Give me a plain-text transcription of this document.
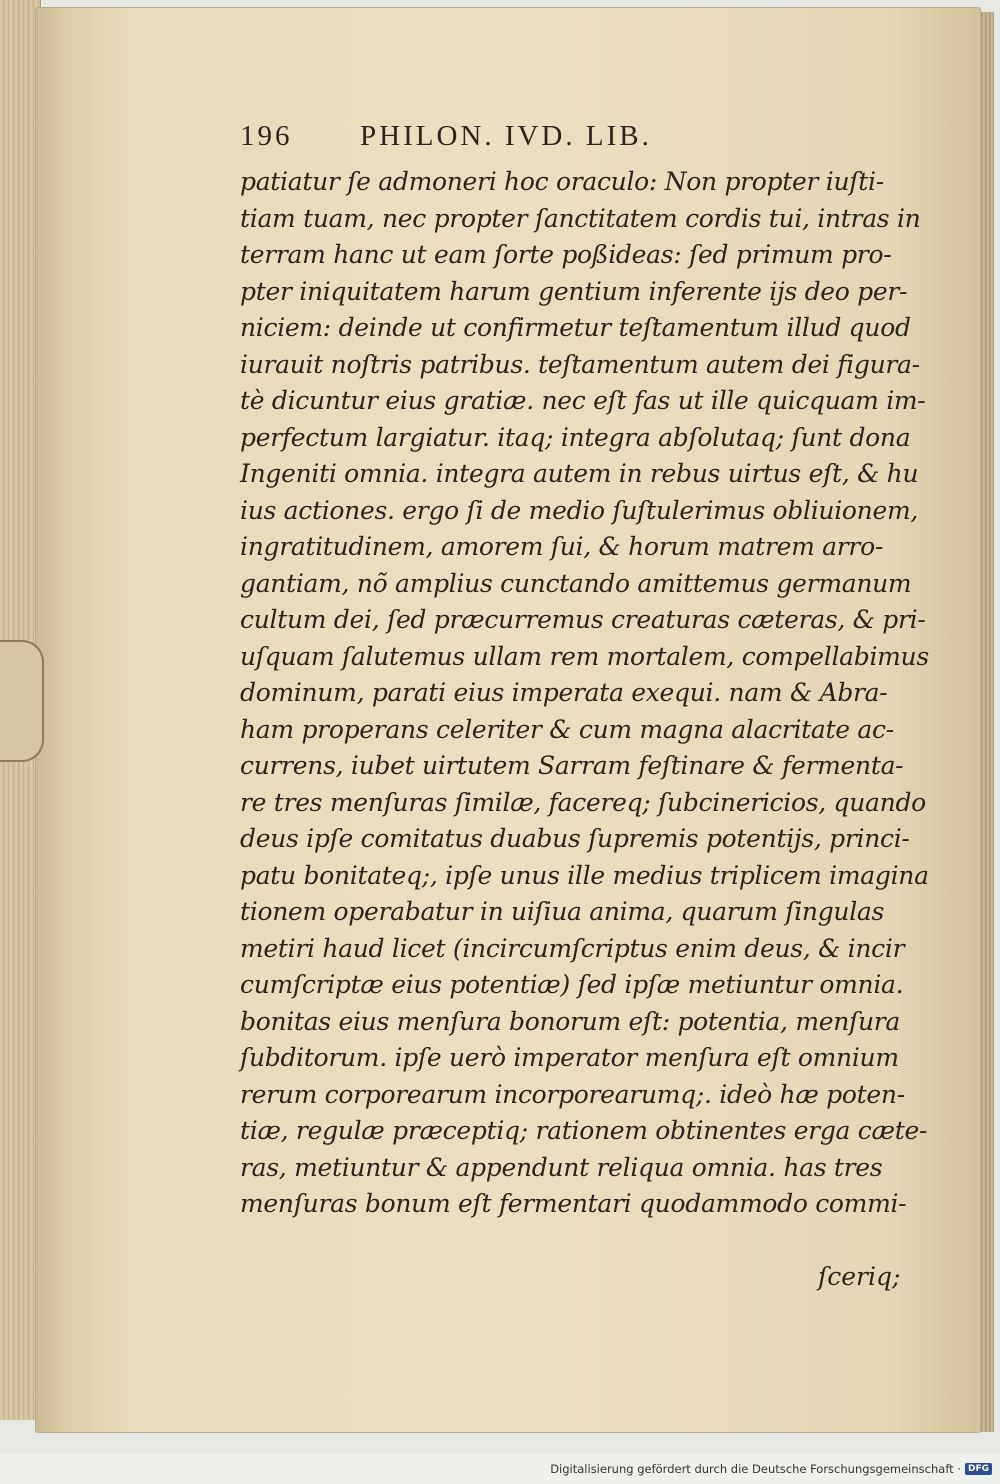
196	PHILON. IVD. LIB.
patiatur ſe admoneri hoc oraculo: Non propter iuſti-
tiam tuam, nec propter ſanctitatem cordis tui, intras in
terram hanc ut eam ſorte poßideas: ſed primum pro-
pter iniquitatem harum gentium inferente ijs deo per-
niciem: deinde ut confirmetur teſtamentum illud quod
iurauit noſtris patribus. teſtamentum autem dei figura-
tè dicuntur eius gratiæ. nec eſt fas ut ille quicquam im-
perfectum largiatur. itaq; integra abſolutaq; ſunt dona
Ingeniti omnia. integra autem in rebus uirtus eſt, & hu
ius actiones. ergo ſi de medio ſuſtulerimus obliuionem,
ingratitudinem, amorem ſui, & horum matrem arro-
gantiam, nõ amplius cunctando amittemus germanum
cultum dei, ſed præcurremus creaturas cæteras, & pri-
uſquam ſalutemus ullam rem mortalem, compellabimus
dominum, parati eius imperata exequi. nam & Abra-
ham properans celeriter & cum magna alacritate ac-
currens, iubet uirtutem Sarram feſtinare & fermenta-
re tres menſuras ſimilæ, facereq; ſubcinericios, quando
deus ipſe comitatus duabus ſupremis potentijs, princi-
patu bonitateq;, ipſe unus ille medius triplicem imagina
tionem operabatur in uiſiua anima, quarum ſingulas
metiri haud licet (incircumſcriptus enim deus, & incir
cumſcriptæ eius potentiæ) ſed ipſæ metiuntur omnia.
bonitas eius menſura bonorum eſt: potentia, menſura
ſubditorum. ipſe uerò imperator menſura eſt omnium
rerum corporearum incorporearumq;. ideò hæ poten-
tiæ, regulæ præceptiq; rationem obtinentes erga cæte-
ras, metiuntur & appendunt reliqua omnia. has tres
menſuras bonum eſt fermentari quodammodo commi-
ſceriq;
Digitalisierung gefördert durch die Deutsche Forschungsgemeinschaft · DFG
